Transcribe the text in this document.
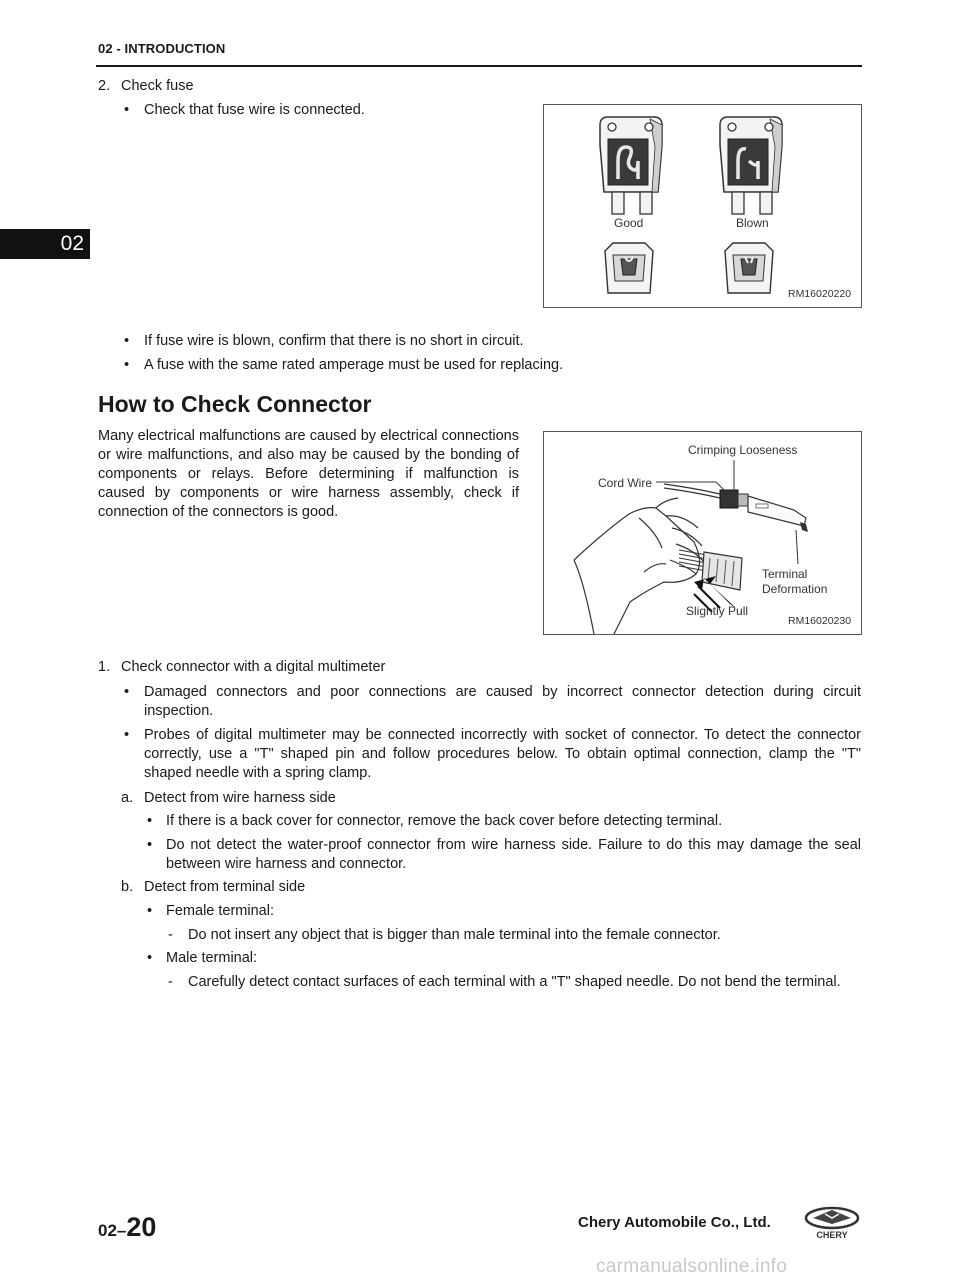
02 - INTRODUCTION
02
2. Check fuse
• Check that fuse wire is connected.
Good	Blown
RM16020220
• If fuse wire is blown, confirm that there is no short in circuit.
• A fuse with the same rated amperage must be used for replacing.
How to Check Connector
Many electrical malfunctions are caused by electrical connections or wire malfunctions, and also may be caused by the bonding of components or relays. Before determining if malfunction is caused by components or wire harness assembly, check if connection of the connectors is good.
Crimping Looseness
Cord Wire
Terminal
Deformation
Slightly Pull
RM16020230
1. Check connector with a digital multimeter
• Damaged connectors and poor connections are caused by incorrect connector detection during circuit inspection.
• Probes of digital multimeter may be connected incorrectly with socket of connector. To detect the connector correctly, use a "T" shaped pin and follow procedures below. To obtain optimal connection, clamp the "T" shaped needle with a spring clamp.
a. Detect from wire harness side
• If there is a back cover for connector, remove the back cover before detecting terminal.
• Do not detect the water-proof connector from wire harness side. Failure to do this may damage the seal between wire harness and connector.
b. Detect from terminal side
• Female terminal:
- Do not insert any object that is bigger than male terminal into the female connector.
• Male terminal:
- Carefully detect contact surfaces of each terminal with a "T" shaped needle. Do not bend the terminal.
02–20	Chery Automobile Co., Ltd.
CHERY
carmanualsonline.info
